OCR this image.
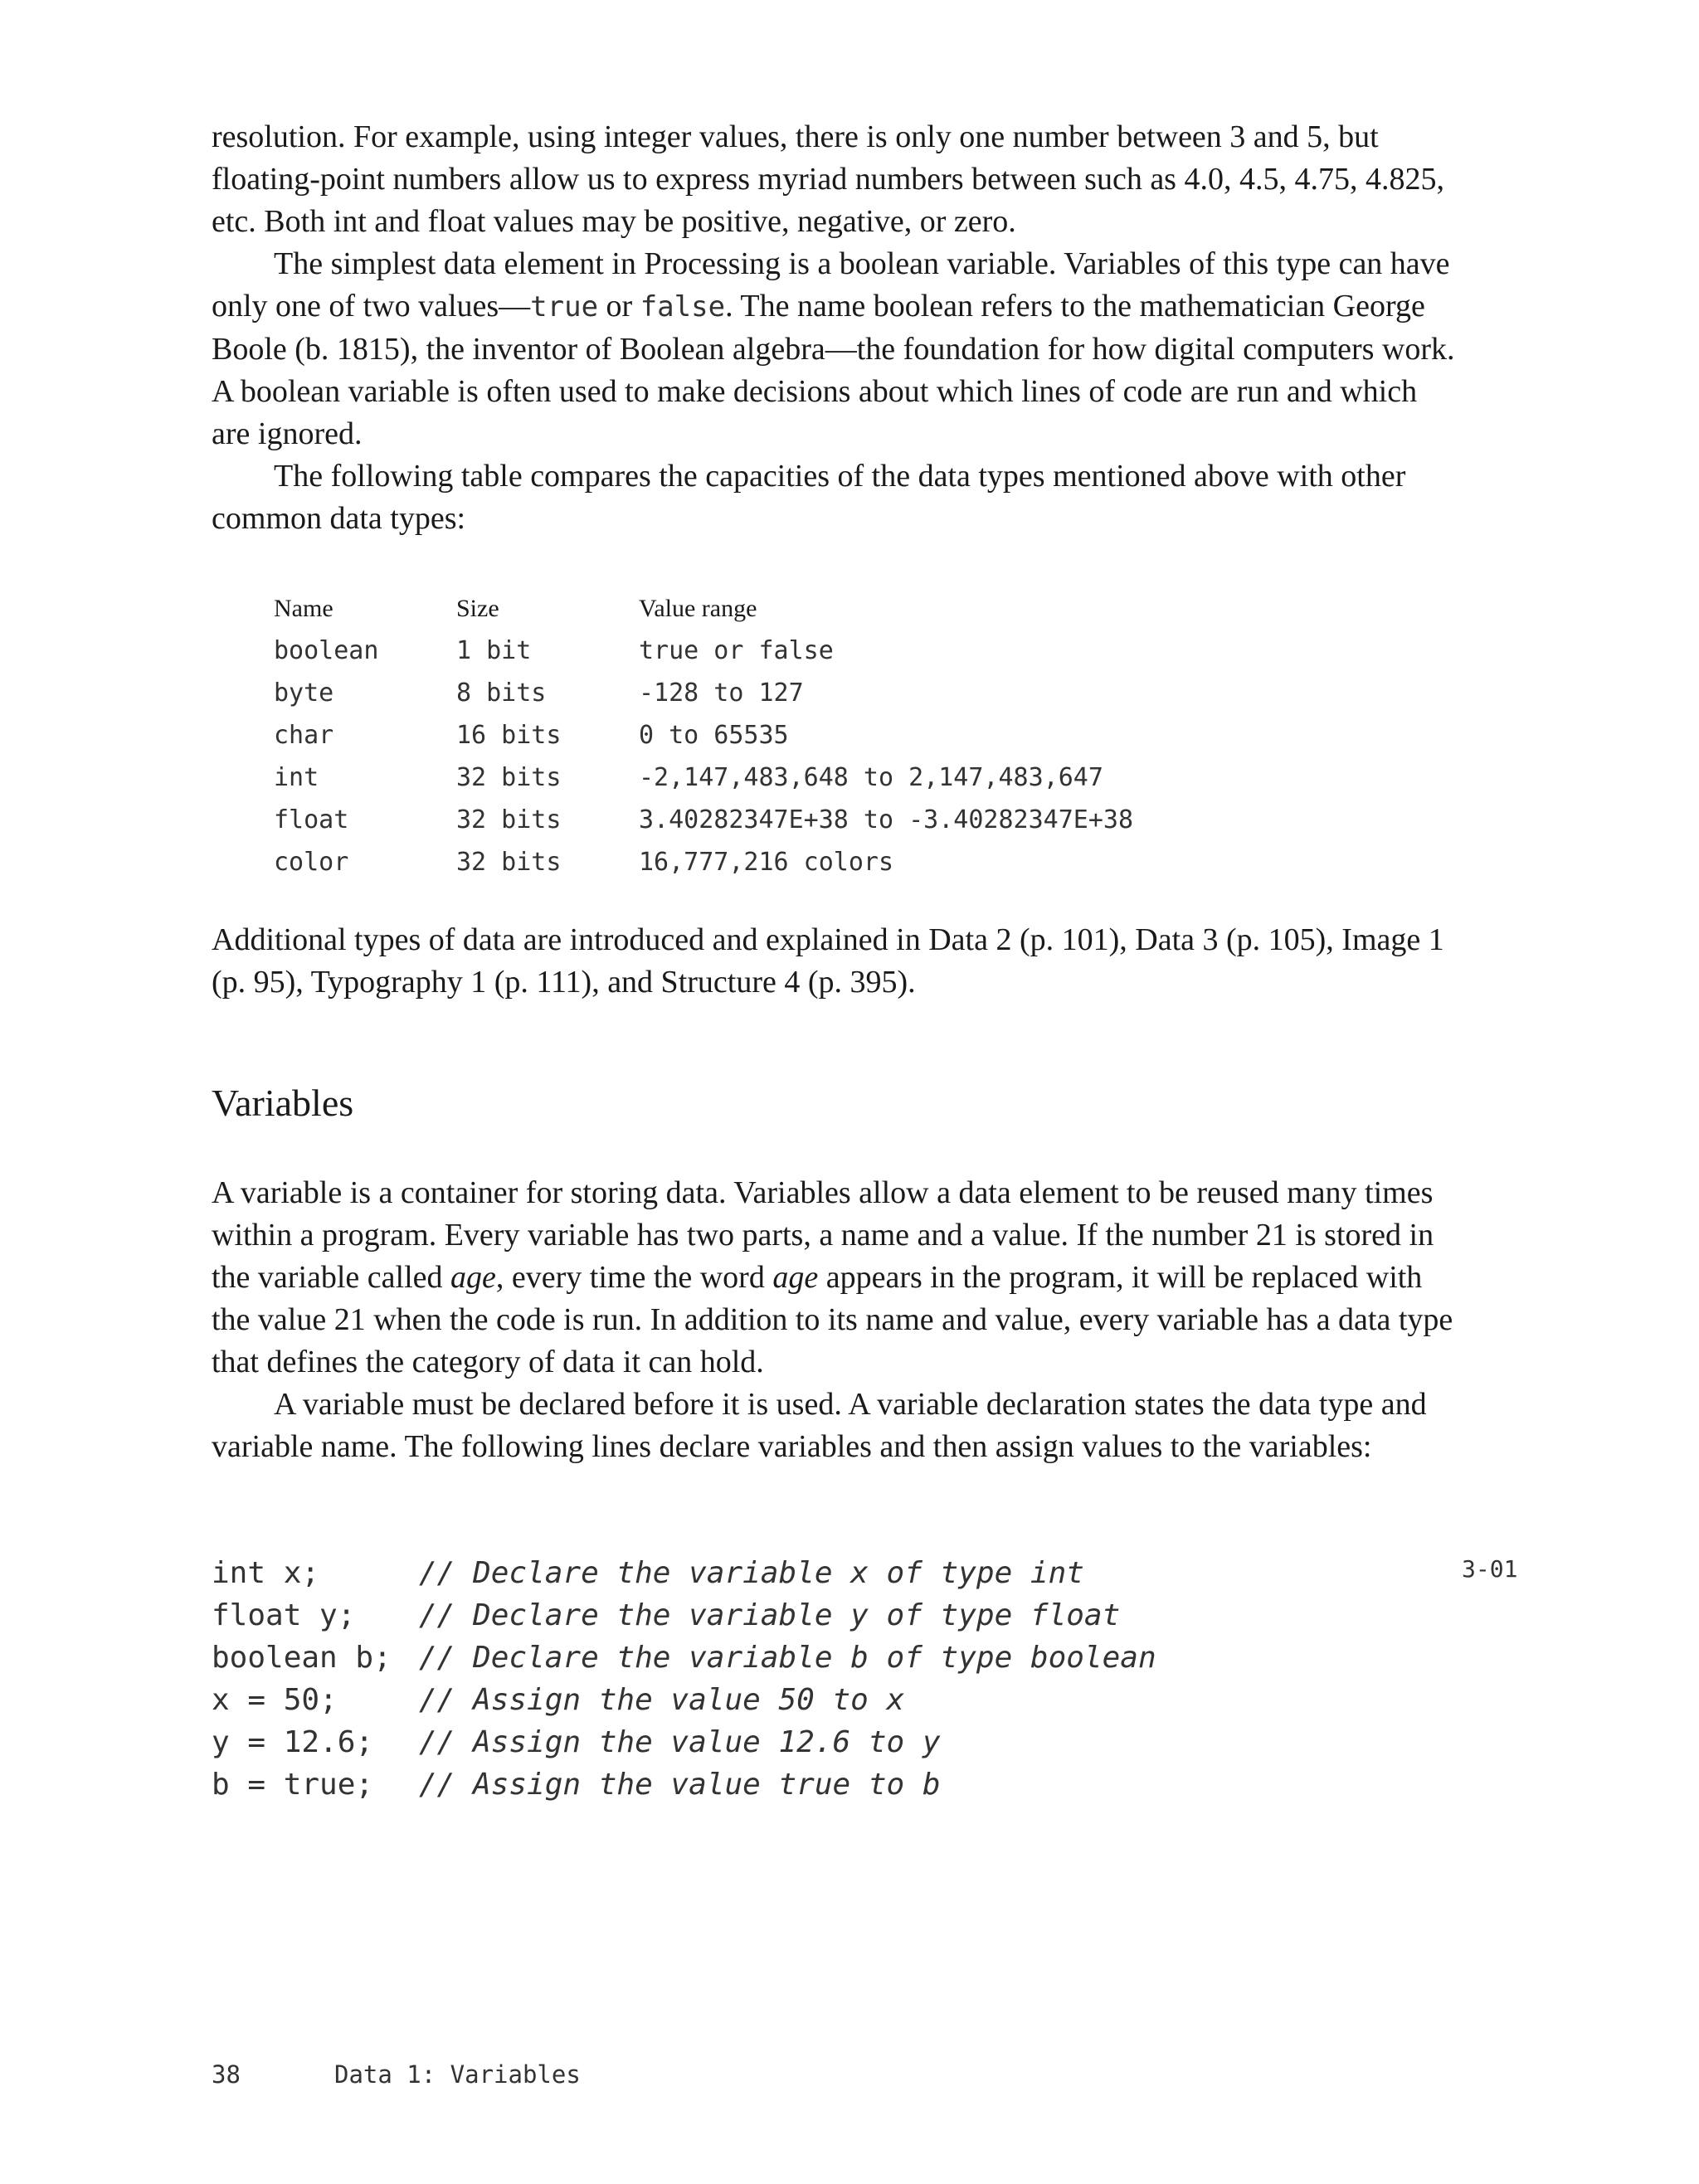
resolution. For example, using integer values, there is only one number between 3 and 5, but floating-point numbers allow us to express myriad numbers between such as 4.0, 4.5, 4.75, 4.825, etc. Both int and float values may be positive, negative, or zero.

The simplest data element in Processing is a boolean variable. Variables of this type can have only one of two values—true or false. The name boolean refers to the mathematician George Boole (b. 1815), the inventor of Boolean algebra—the foundation for how digital computers work. A boolean variable is often used to make decisions about which lines of code are run and which are ignored.

The following table compares the capacities of the data types mentioned above with other common data types:

Name	Size	Value range
boolean	1 bit	true or false
byte	8 bits	-128 to 127
char	16 bits	0 to 65535
int	32 bits	-2,147,483,648 to 2,147,483,647
float	32 bits	3.40282347E+38 to -3.40282347E+38
color	32 bits	16,777,216 colors

Additional types of data are introduced and explained in Data 2 (p. 101), Data 3 (p. 105), Image 1 (p. 95), Typography 1 (p. 111), and Structure 4 (p. 395).

Variables

A variable is a container for storing data. Variables allow a data element to be reused many times within a program. Every variable has two parts, a name and a value. If the number 21 is stored in the variable called age, every time the word age appears in the program, it will be replaced with the value 21 when the code is run. In addition to its name and value, every variable has a data type that defines the category of data it can hold.

A variable must be declared before it is used. A variable declaration states the data type and variable name. The following lines declare variables and then assign values to the variables:

int x;	// Declare the variable x of type int
float y;	// Declare the variable y of type float
boolean b; // Declare the variable b of type boolean
x = 50;	// Assign the value 50 to x
y = 12.6;	// Assign the value 12.6 to y
b = true;	// Assign the value true to b
3-01
38	Data 1: Variables
